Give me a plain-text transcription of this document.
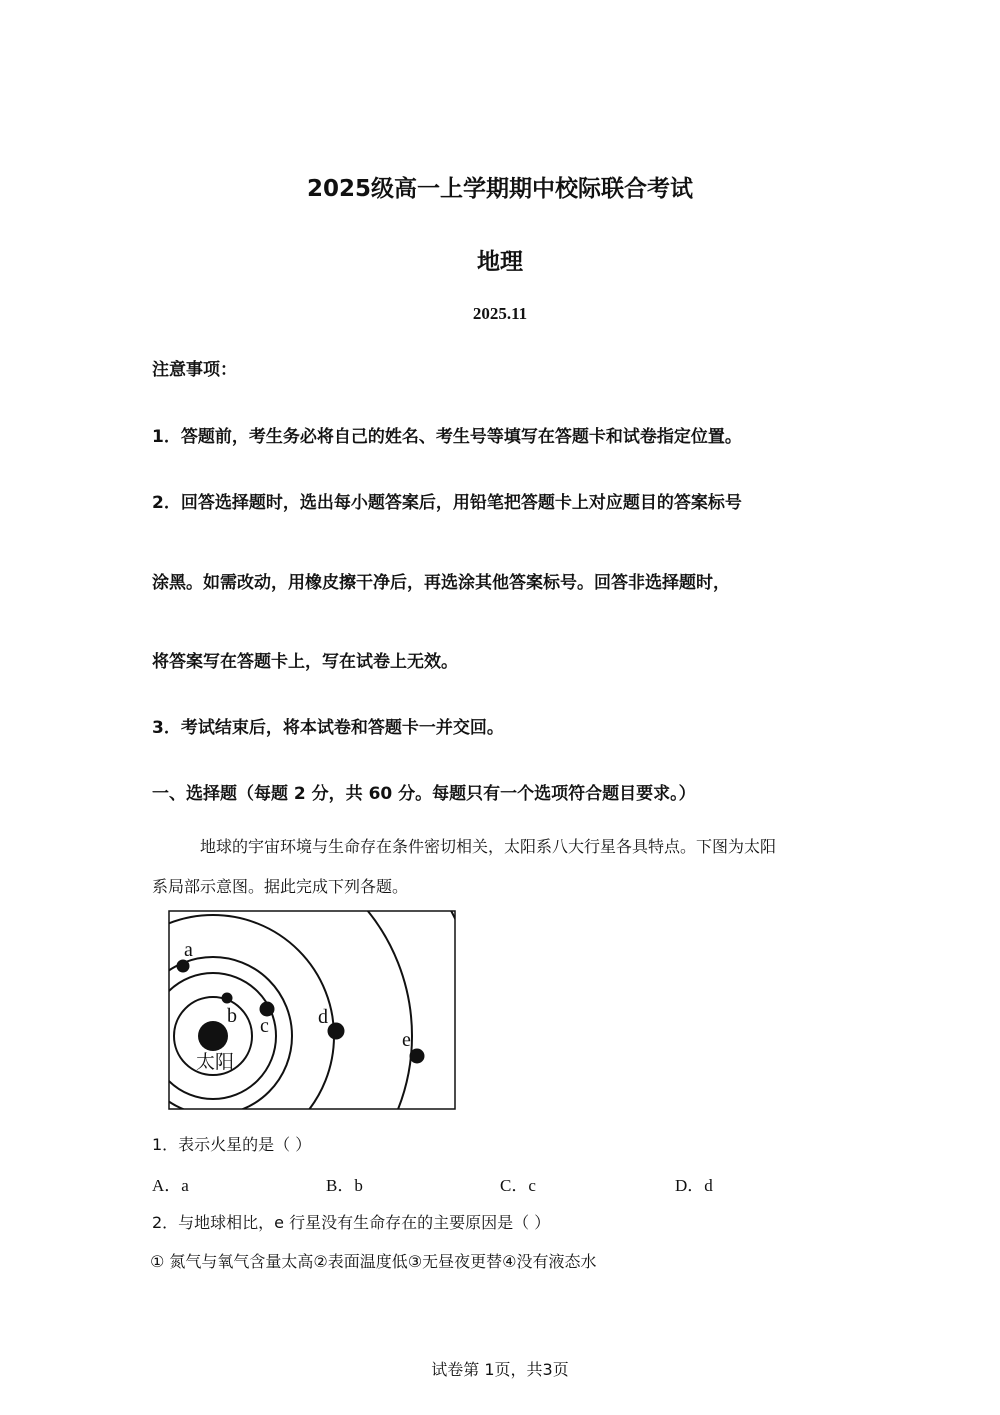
2025级高一上学期期中校际联合考试
地理
2025.11
注意事项：
1．答题前，考生务必将自己的姓名、考生号等填写在答题卡和试卷指定位置。
2．回答选择题时，选出每小题答案后，用铅笔把答题卡上对应题目的答案标号
涂黑。如需改动，用橡皮擦干净后，再选涂其他答案标号。回答非选择题时，
将答案写在答题卡上，写在试卷上无效。
3．考试结束后，将本试卷和答题卡一并交回。
一、选择题（每题 2 分，共 60 分。每题只有一个选项符合题目要求。）
地球的宇宙环境与生命存在条件密切相关，太阳系八大行星各具特点。下图为太阳
系局部示意图。据此完成下列各题。
太阳
a
b c d
e
1．表示火星的是（ ）
A．a	B．b	C．c	D．d
2．与地球相比，e 行星没有生命存在的主要原因是（ ）
① 氮气与氧气含量太高②表面温度低③无昼夜更替④没有液态水
试卷第 1页，共3页
